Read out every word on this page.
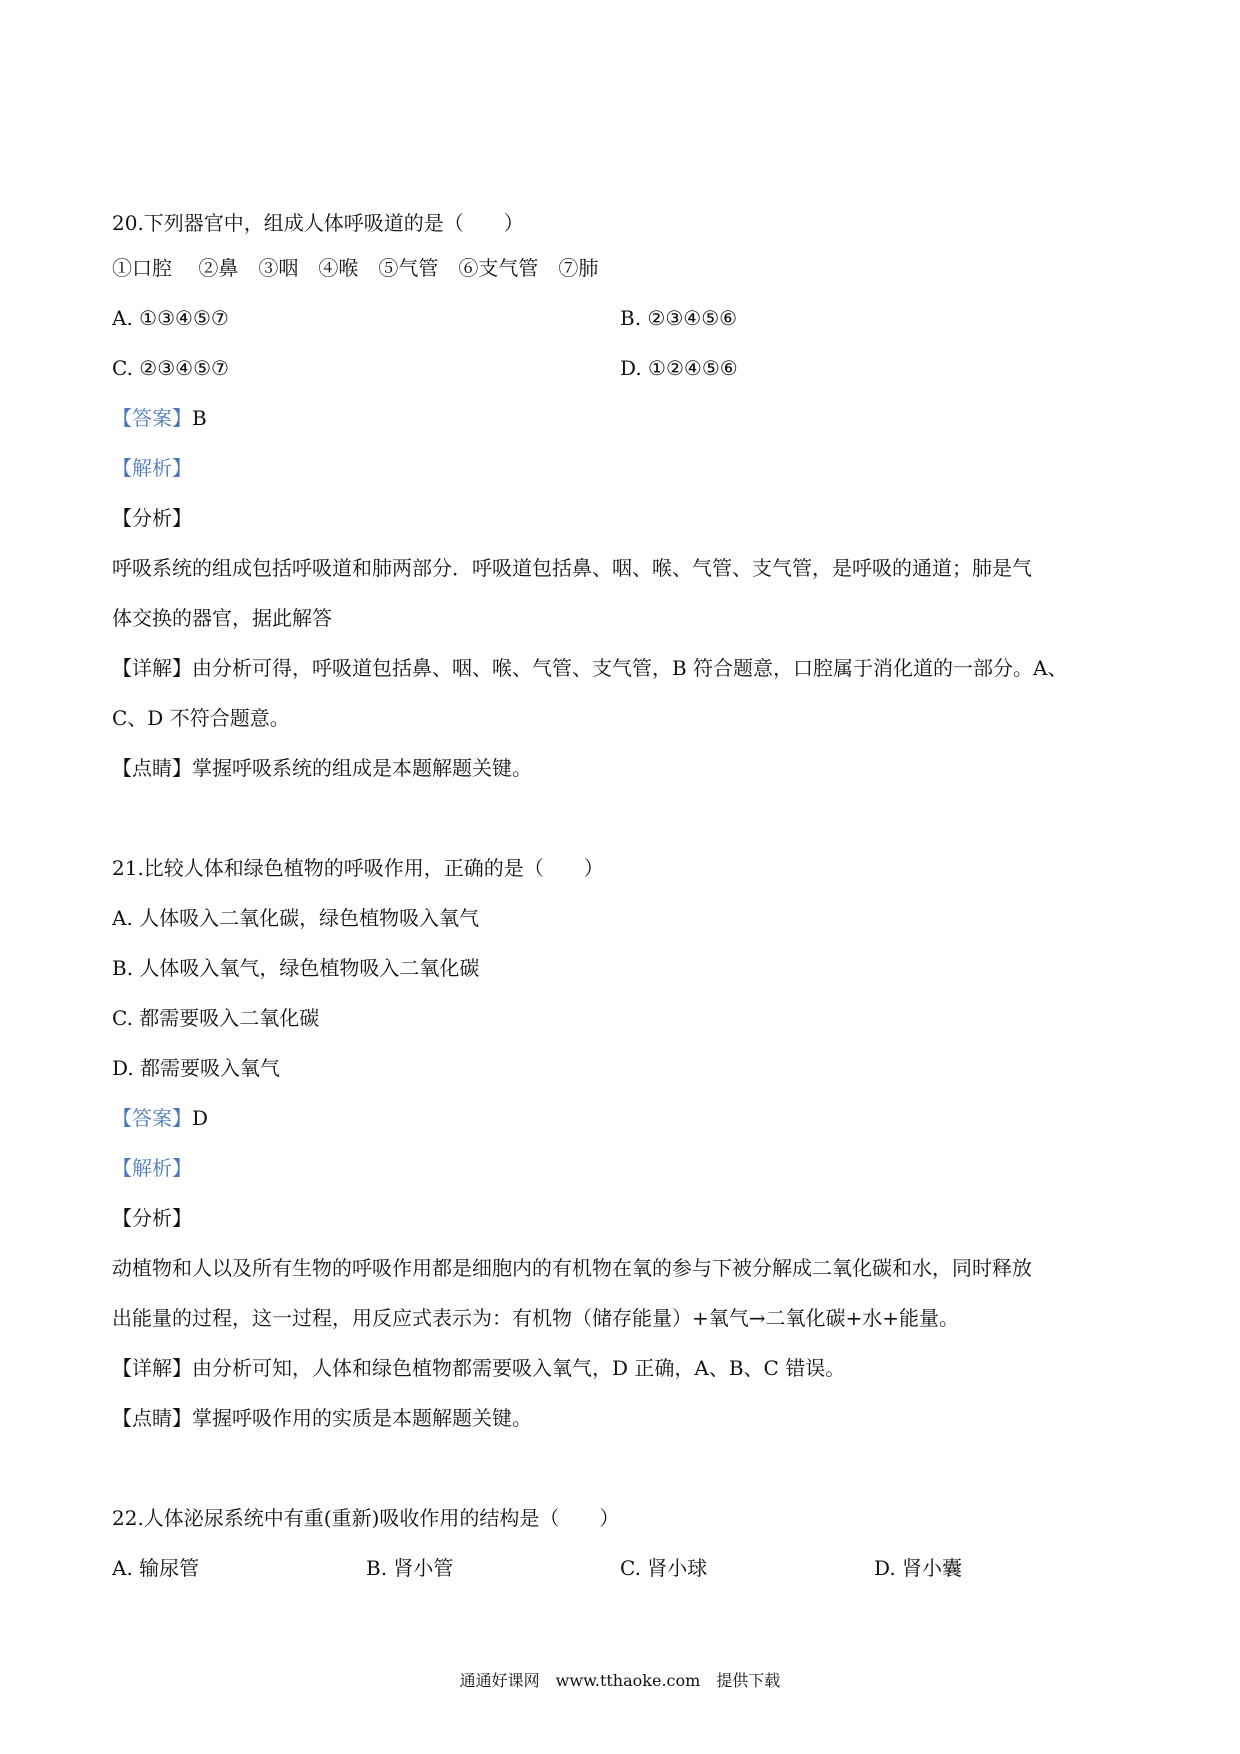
20.下列器官中，组成人体呼吸道的是（　　）
①口腔　 ②鼻　③咽　④喉　⑤气管　⑥支气管　⑦肺
A. ①③④⑤⑦	B. ②③④⑤⑥
C. ②③④⑤⑦	D. ①②④⑤⑥
【答案】B
【解析】
【分析】
呼吸系统的组成包括呼吸道和肺两部分．呼吸道包括鼻、咽、喉、气管、支气管，是呼吸的通道；肺是气
体交换的器官，据此解答
【详解】由分析可得，呼吸道包括鼻、咽、喉、气管、支气管，B 符合题意，口腔属于消化道的一部分。A、
C、D 不符合题意。
【点睛】掌握呼吸系统的组成是本题解题关键。
21.比较人体和绿色植物的呼吸作用，正确的是（　　）
A. 人体吸入二氧化碳，绿色植物吸入氧气
B. 人体吸入氧气，绿色植物吸入二氧化碳
C. 都需要吸入二氧化碳
D. 都需要吸入氧气
【答案】D
【解析】
【分析】
动植物和人以及所有生物的呼吸作用都是细胞内的有机物在氧的参与下被分解成二氧化碳和水，同时释放
出能量的过程，这一过程，用反应式表示为：有机物（储存能量）+氧气→二氧化碳+水+能量。
【详解】由分析可知，人体和绿色植物都需要吸入氧气，D 正确，A、B、C 错误。
【点睛】掌握呼吸作用的实质是本题解题关键。
22.人体泌尿系统中有重(重新)吸收作用的结构是（　　）
A. 输尿管	B. 肾小管	C. 肾小球	D. 肾小囊
通通好课网　www.tthaoke.com　提供下载
